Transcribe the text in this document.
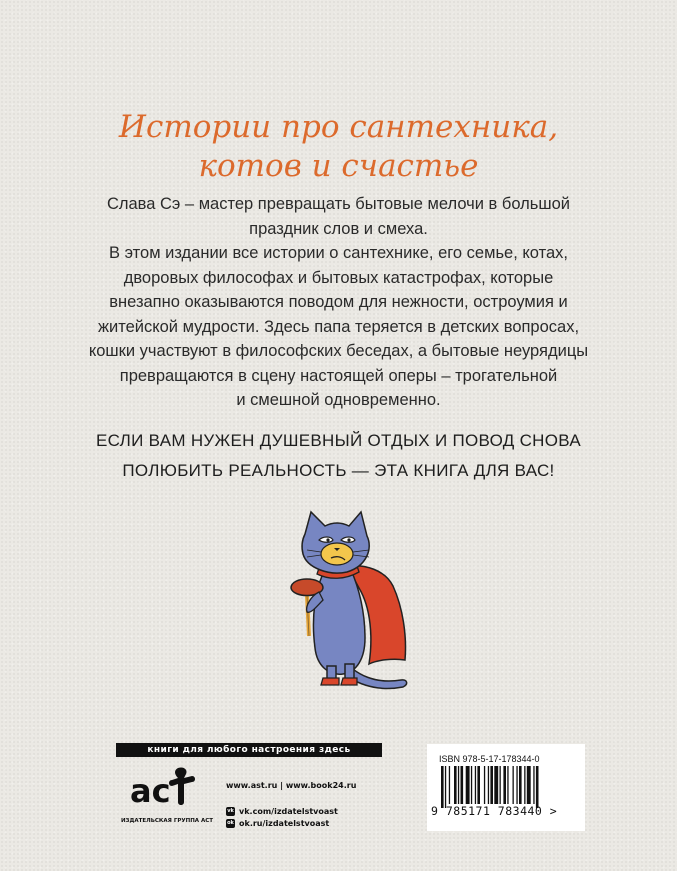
Истории про сантехника,
котов и счастье

Слава Сэ – мастер превращать бытовые мелочи в большой

праздник слов и смеха.

В этом издании все истории о сантехнике, его семье, котах,

дворовых философах и бытовых катастрофах, которые

внезапно оказываются поводом для нежности, остроумия и

житейской мудрости. Здесь папа теряется в детских вопросах,

кошки участвуют в философских беседах, а бытовые неурядицы

превращаются в сцену настоящей оперы – трогательной

и смешной одновременно.

ЕСЛИ ВАМ НУЖЕН ДУШЕВНЫЙ ОТДЫХ И ПОВОД СНОВА
ПОЛЮБИТЬ РЕАЛЬНОСТЬ — ЭТА КНИГА ДЛЯ ВАС!
книги для любого настроения здесь
ac
ИЗДАТЕЛЬСКАЯ ГРУППА АСТ
www.ast.ru | www.book24.ru
vk vk.com/izdatelstvoast
ok ok.ru/izdatelstvoast
ISBN 978-5-17-178344-0
9 785171 783440 >
